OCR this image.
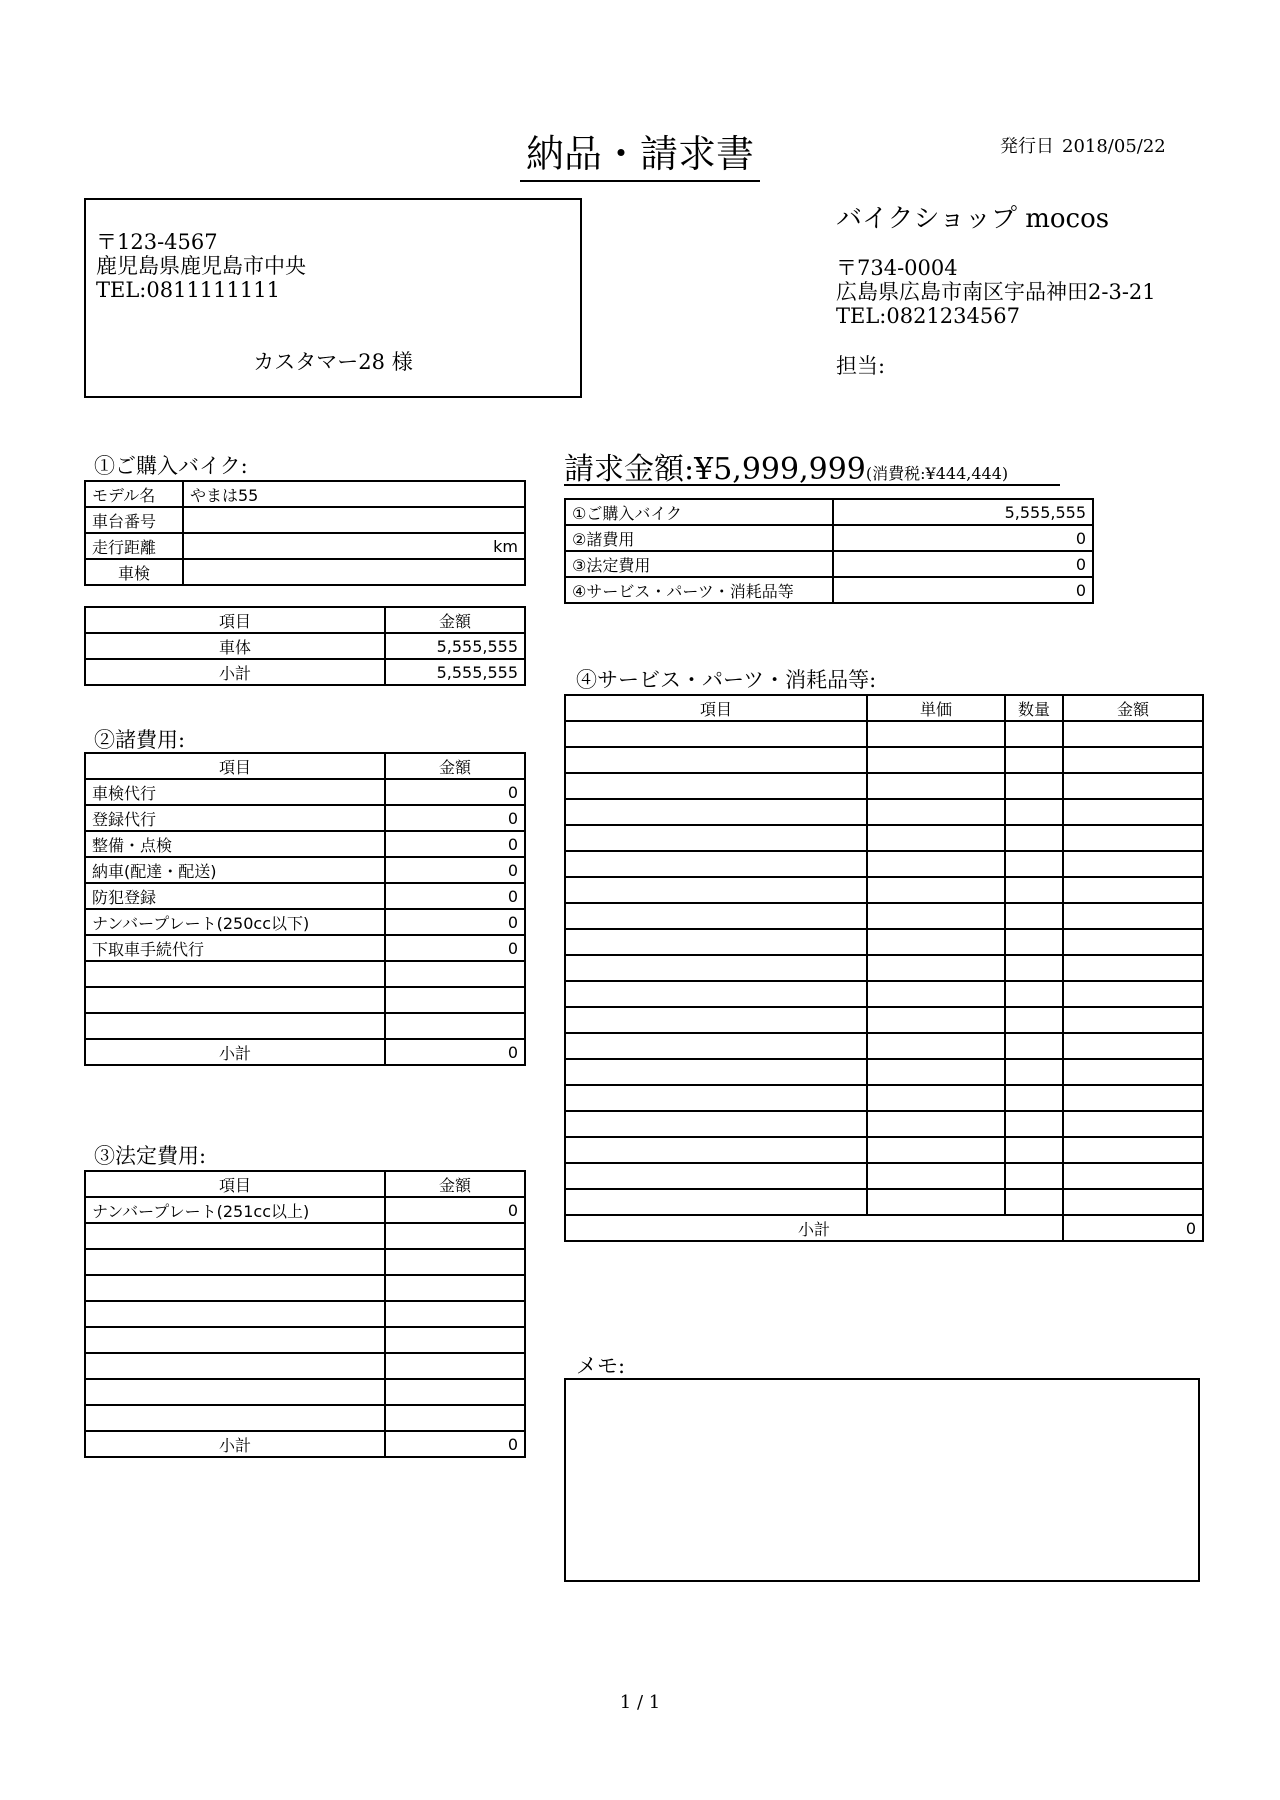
納品・請求書	発行日 2018/05/22
〒123-4567
鹿児島県鹿児島市中央
TEL:0811111111
カスタマー28 様
バイクショップ mocos
〒734-0004
広島県広島市南区宇品神田2-3-21
TEL:0821234567
担当:
①ご購入バイク:
モデル名	やまは55
車台番号	
走行距離	km
車検	
項目	金額
車体	5,555,555
小計	5,555,555
②諸費用:
項目	金額
車検代行	0
登録代行	0
整備・点検	0
納車(配達・配送)	0
防犯登録	0
ナンバープレート(250cc以下)	0
下取車手続代行	0

小計	0
③法定費用:
項目	金額
ナンバープレート(251cc以上)	0

小計	0
請求金額:¥5,999,999(消費税:¥444,444)
①ご購入バイク	5,555,555
②諸費用	0
③法定費用	0
④サービス・パーツ・消耗品等	0
④サービス・パーツ・消耗品等:
項目	単価	数量	金額

小計			0
メモ:
1 / 1
